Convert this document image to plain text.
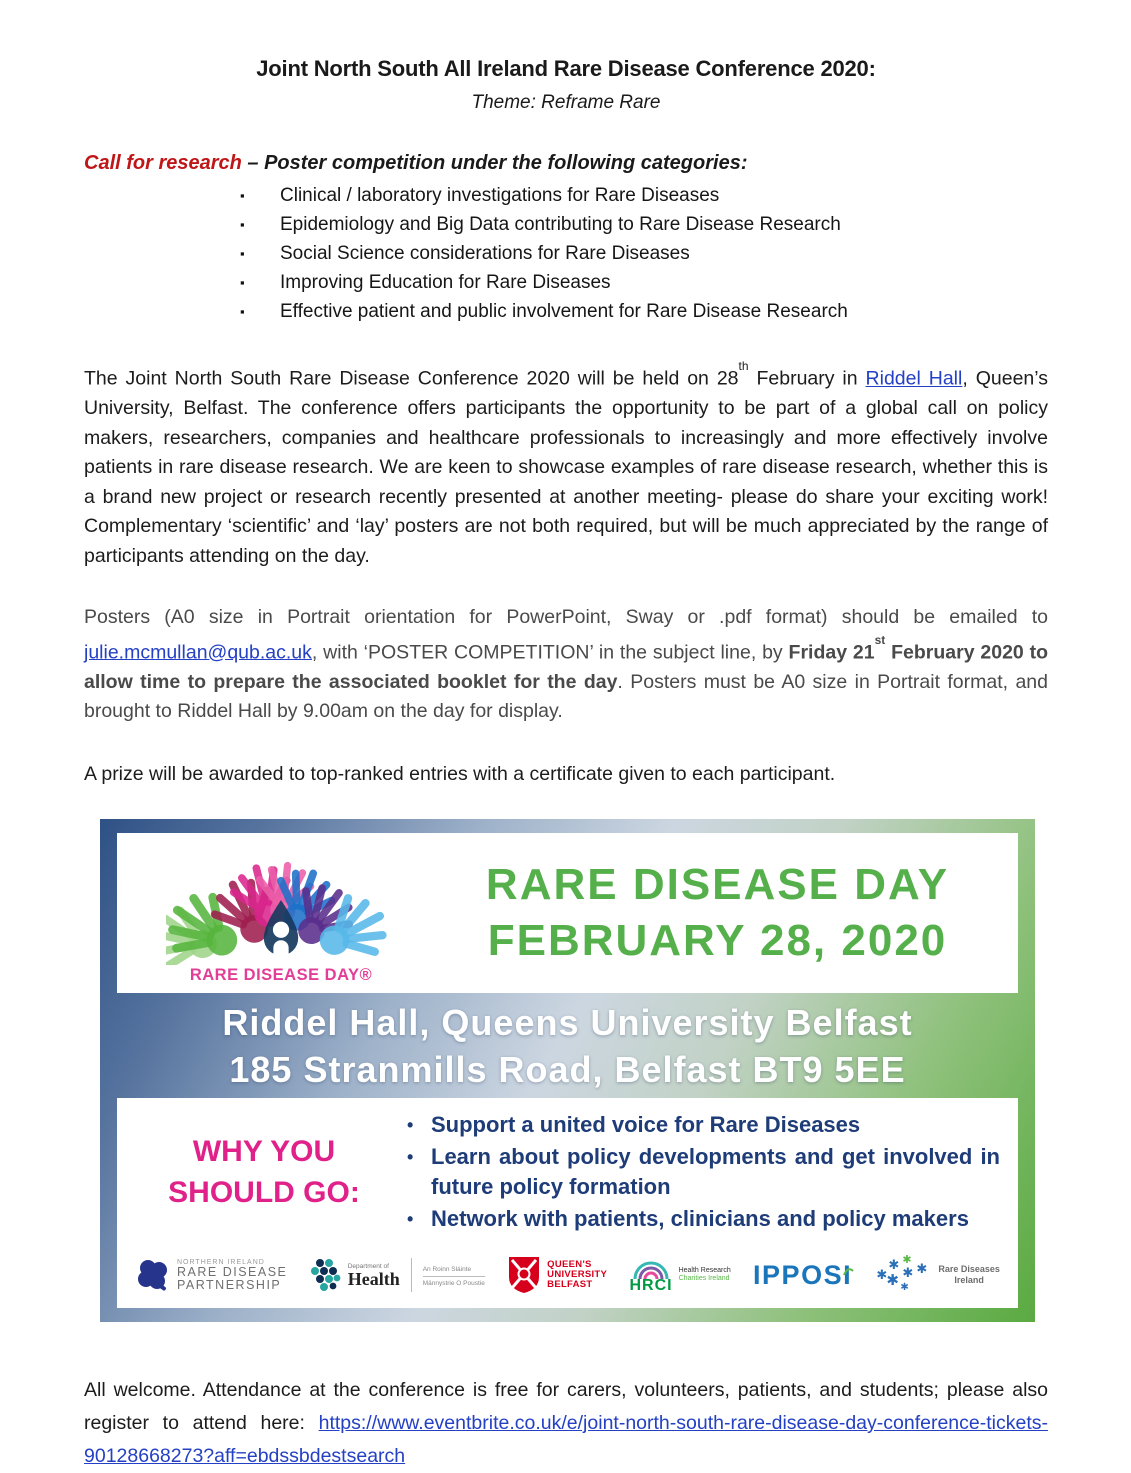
Joint North South All Ireland Rare Disease Conference 2020:
Theme: Reframe Rare
Call for research – Poster competition under the following categories:
▪ Clinical / laboratory investigations for Rare Diseases
▪ Epidemiology and Big Data contributing to Rare Disease Research
▪ Social Science considerations for Rare Diseases
▪ Improving Education for Rare Diseases
▪ Effective patient and public involvement for Rare Disease Research
The Joint North South Rare Disease Conference 2020 will be held on 28th February in Riddel Hall, Queen’s University, Belfast. The conference offers participants the opportunity to be part of a global call on policy makers, researchers, companies and healthcare professionals to increasingly and more effectively involve patients in rare disease research. We are keen to showcase examples of rare disease research, whether this is a brand new project or research recently presented at another meeting- please do share your exciting work! Complementary ‘scientific’ and ‘lay’ posters are not both required, but will be much appreciated by the range of participants attending on the day.
Posters (A0 size in Portrait orientation for PowerPoint, Sway or .pdf format) should be emailed to julie.mcmullan@qub.ac.uk, with ‘POSTER COMPETITION’ in the subject line, by Friday 21st February 2020 to allow time to prepare the associated booklet for the day. Posters must be A0 size in Portrait format, and brought to Riddel Hall by 9.00am on the day for display.
A prize will be awarded to top-ranked entries with a certificate given to each participant.
RARE DISEASE DAY®
RARE DISEASE DAY
FEBRUARY 28, 2020
Riddel Hall, Queens University Belfast
185 Stranmills Road, Belfast BT9 5EE
WHY YOU
SHOULD GO:
• Support a united voice for Rare Diseases
• Learn about policy developments and get involved in future policy formation
• Network with patients, clinicians and policy makers
NORTHERN IRELAND
RARE DISEASE
PARTNERSHIP
Department of
Health	An Roinn Sláinte
Männystrie O Poustie
QUEEN'S
UNIVERSITY
BELFAST	HRCI
Health Research
Charities Ireland IPPOSI ✱
✱ ✱
✱ ✱ ✱
✱
Rare Diseases
Ireland
All welcome. Attendance at the conference is free for carers, volunteers, patients, and students; please also register to attend here: https://www.eventbrite.co.uk/e/joint-north-south-rare-disease-day-conference-tickets-90128668273?aff=ebdssbdestsearch
